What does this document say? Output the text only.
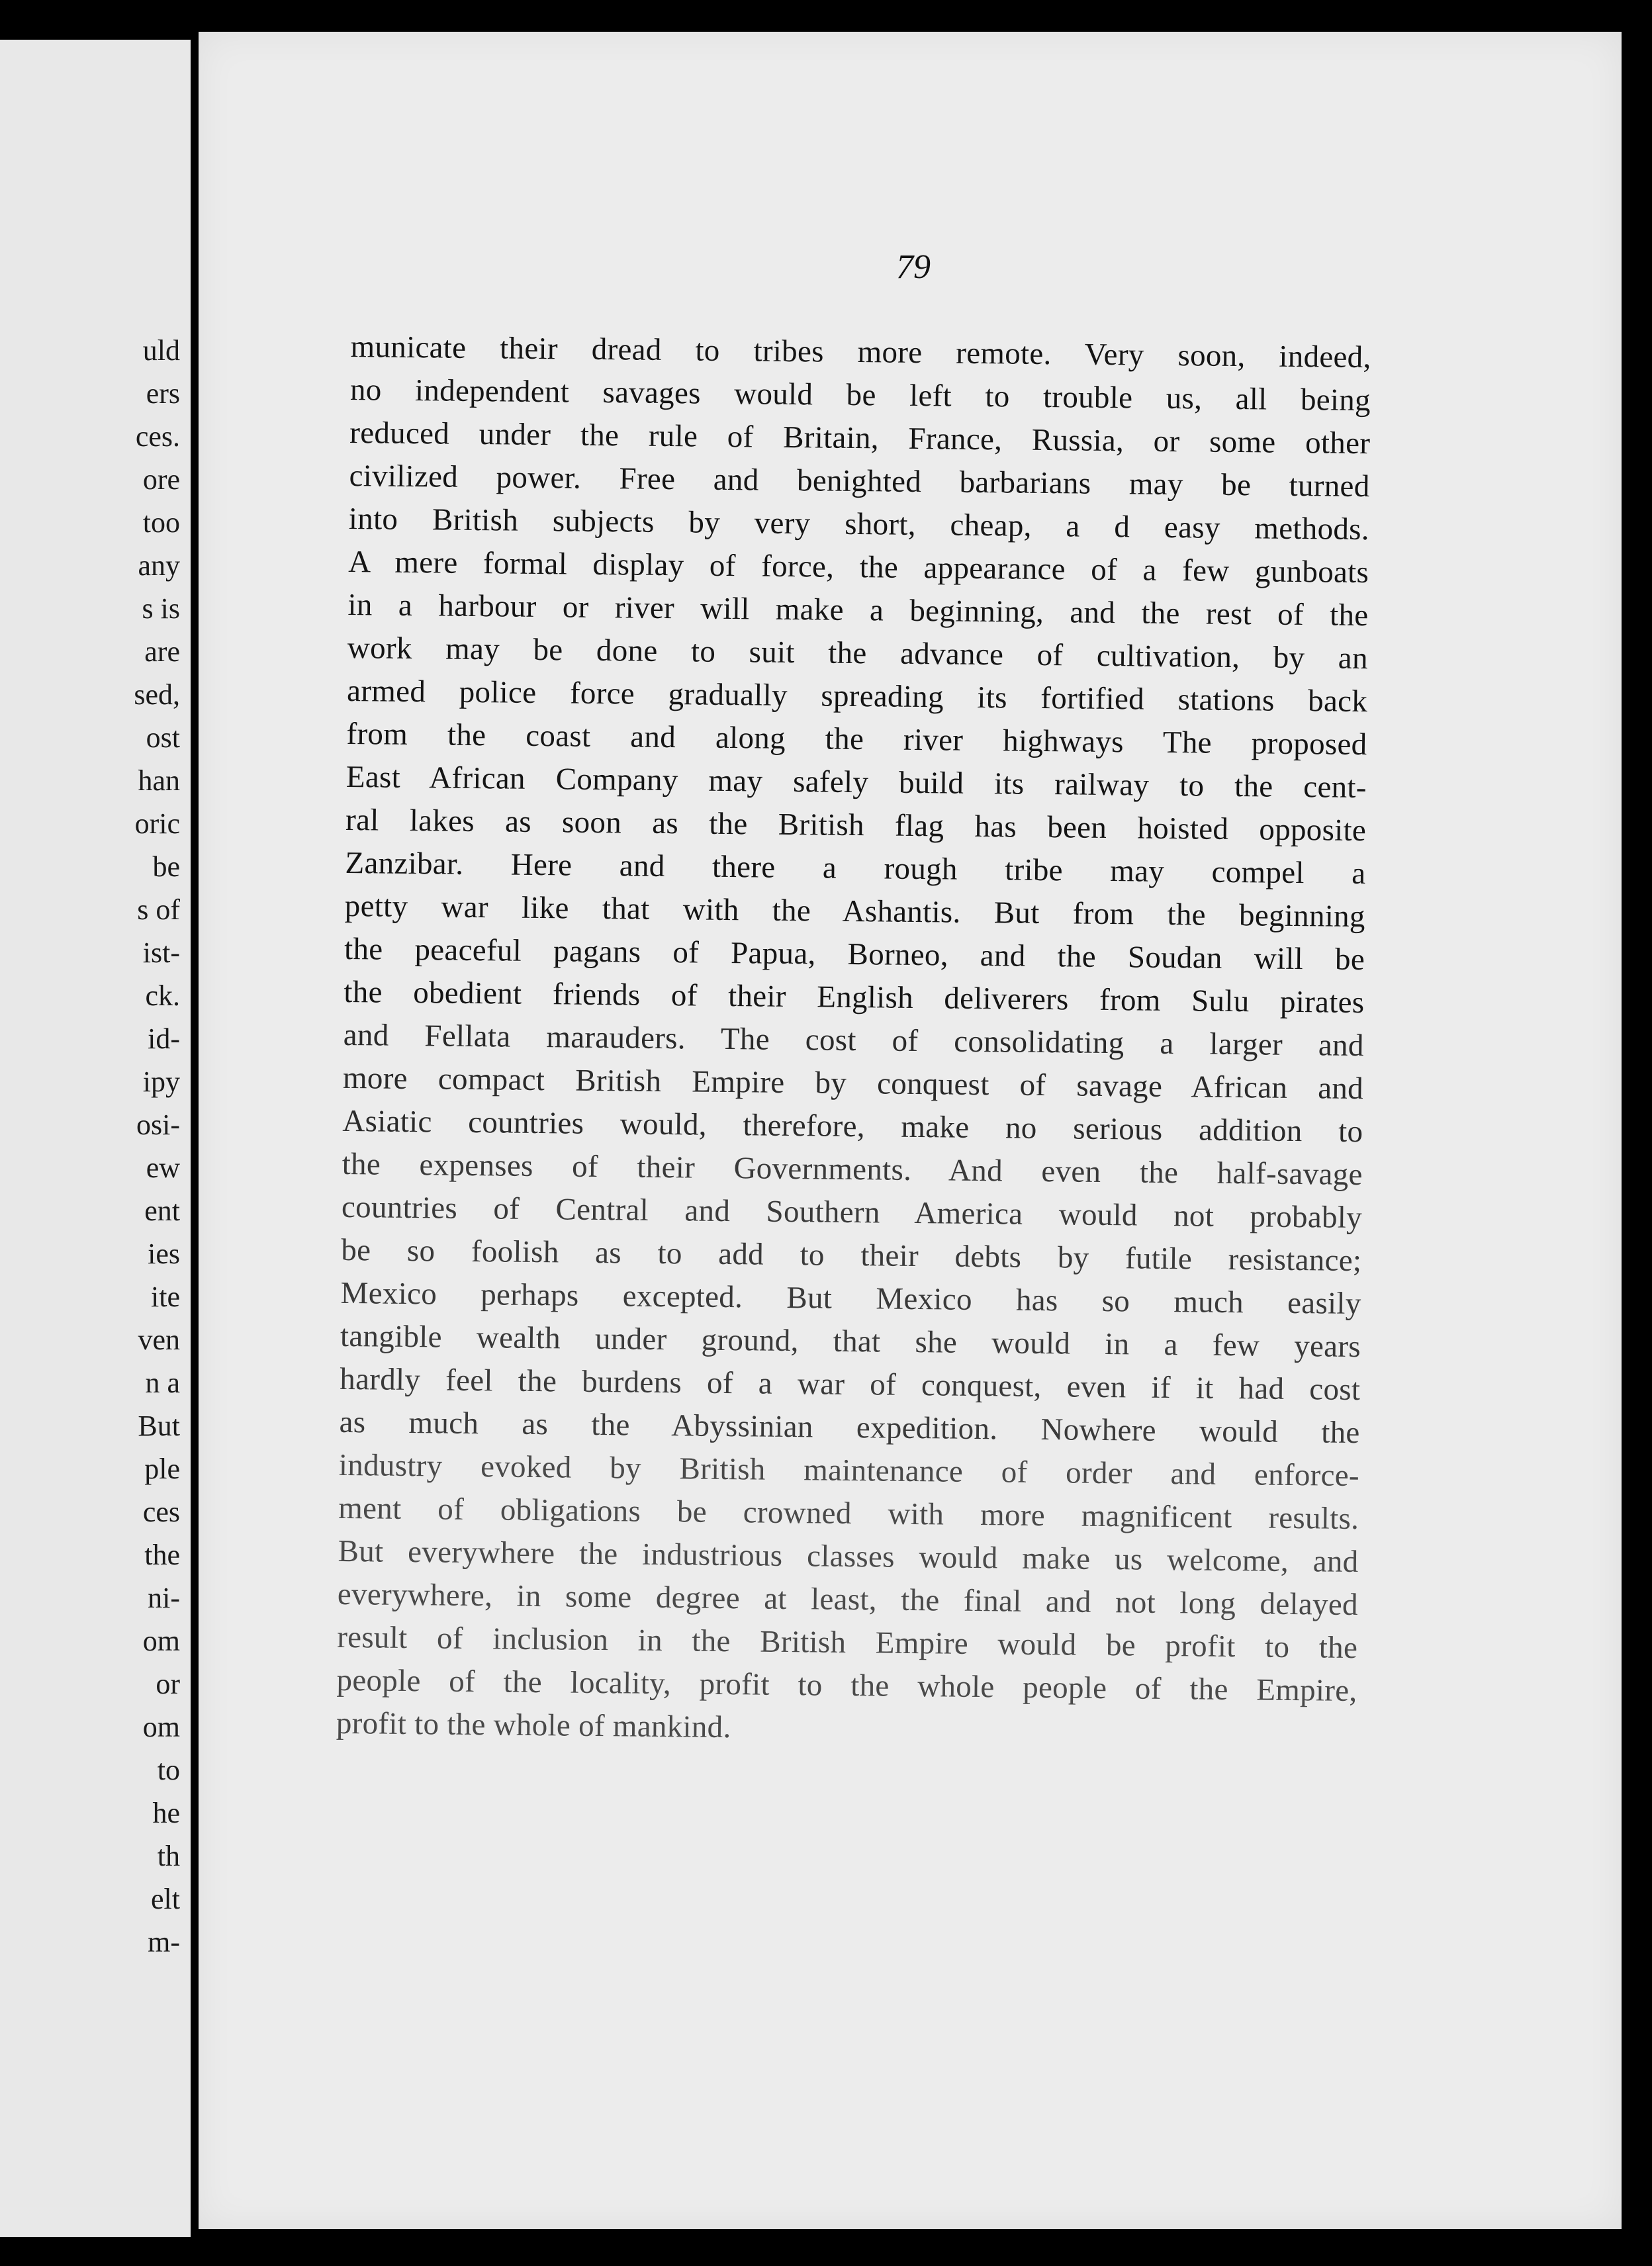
uld
ers
ces.
ore
too
any
s is
are
sed,
ost
han
oric
be
s of
ist-
ck.
id-
ipy
osi-
ew
ent
ies
ite
ven
n a
But
ple
ces
the
ni-
om
or
om
to
he
th
elt
m-
79
municate their dread to tribes more remote. Very soon, indeed,
no independent savages would be left to trouble us, all being
reduced under the rule of Britain, France, Russia, or some other
civilized power. Free and benighted barbarians may be turned
into British subjects by very short, cheap, a d easy methods.
A mere formal display of force, the appearance of a few gunboats
in a harbour or river will make a beginning, and the rest of the
work may be done to suit the advance of cultivation, by an
armed police force gradually spreading its fortified stations back
from the coast and along the river highways The proposed
East African Company may safely build its railway to the cent-
ral lakes as soon as the British flag has been hoisted opposite
Zanzibar. Here and there a rough tribe may compel a
petty war like that with the Ashantis. But from the beginning
the peaceful pagans of Papua, Borneo, and the Soudan will be
the obedient friends of their English deliverers from Sulu pirates
and Fellata marauders. The cost of consolidating a larger and
more compact British Empire by conquest of savage African and
Asiatic countries would, therefore, make no serious addition to
the expenses of their Governments. And even the half-savage
countries of Central and Southern America would not probably
be so foolish as to add to their debts by futile resistance;
Mexico perhaps excepted. But Mexico has so much easily
tangible wealth under ground, that she would in a few years
hardly feel the burdens of a war of conquest, even if it had cost
as much as the Abyssinian expedition. Nowhere would the
industry evoked by British maintenance of order and enforce-
ment of obligations be crowned with more magnificent results.
But everywhere the industrious classes would make us welcome, and
everywhere, in some degree at least, the final and not long delayed
result of inclusion in the British Empire would be profit to the
people of the locality, profit to the whole people of the Empire,
profit to the whole of mankind.
